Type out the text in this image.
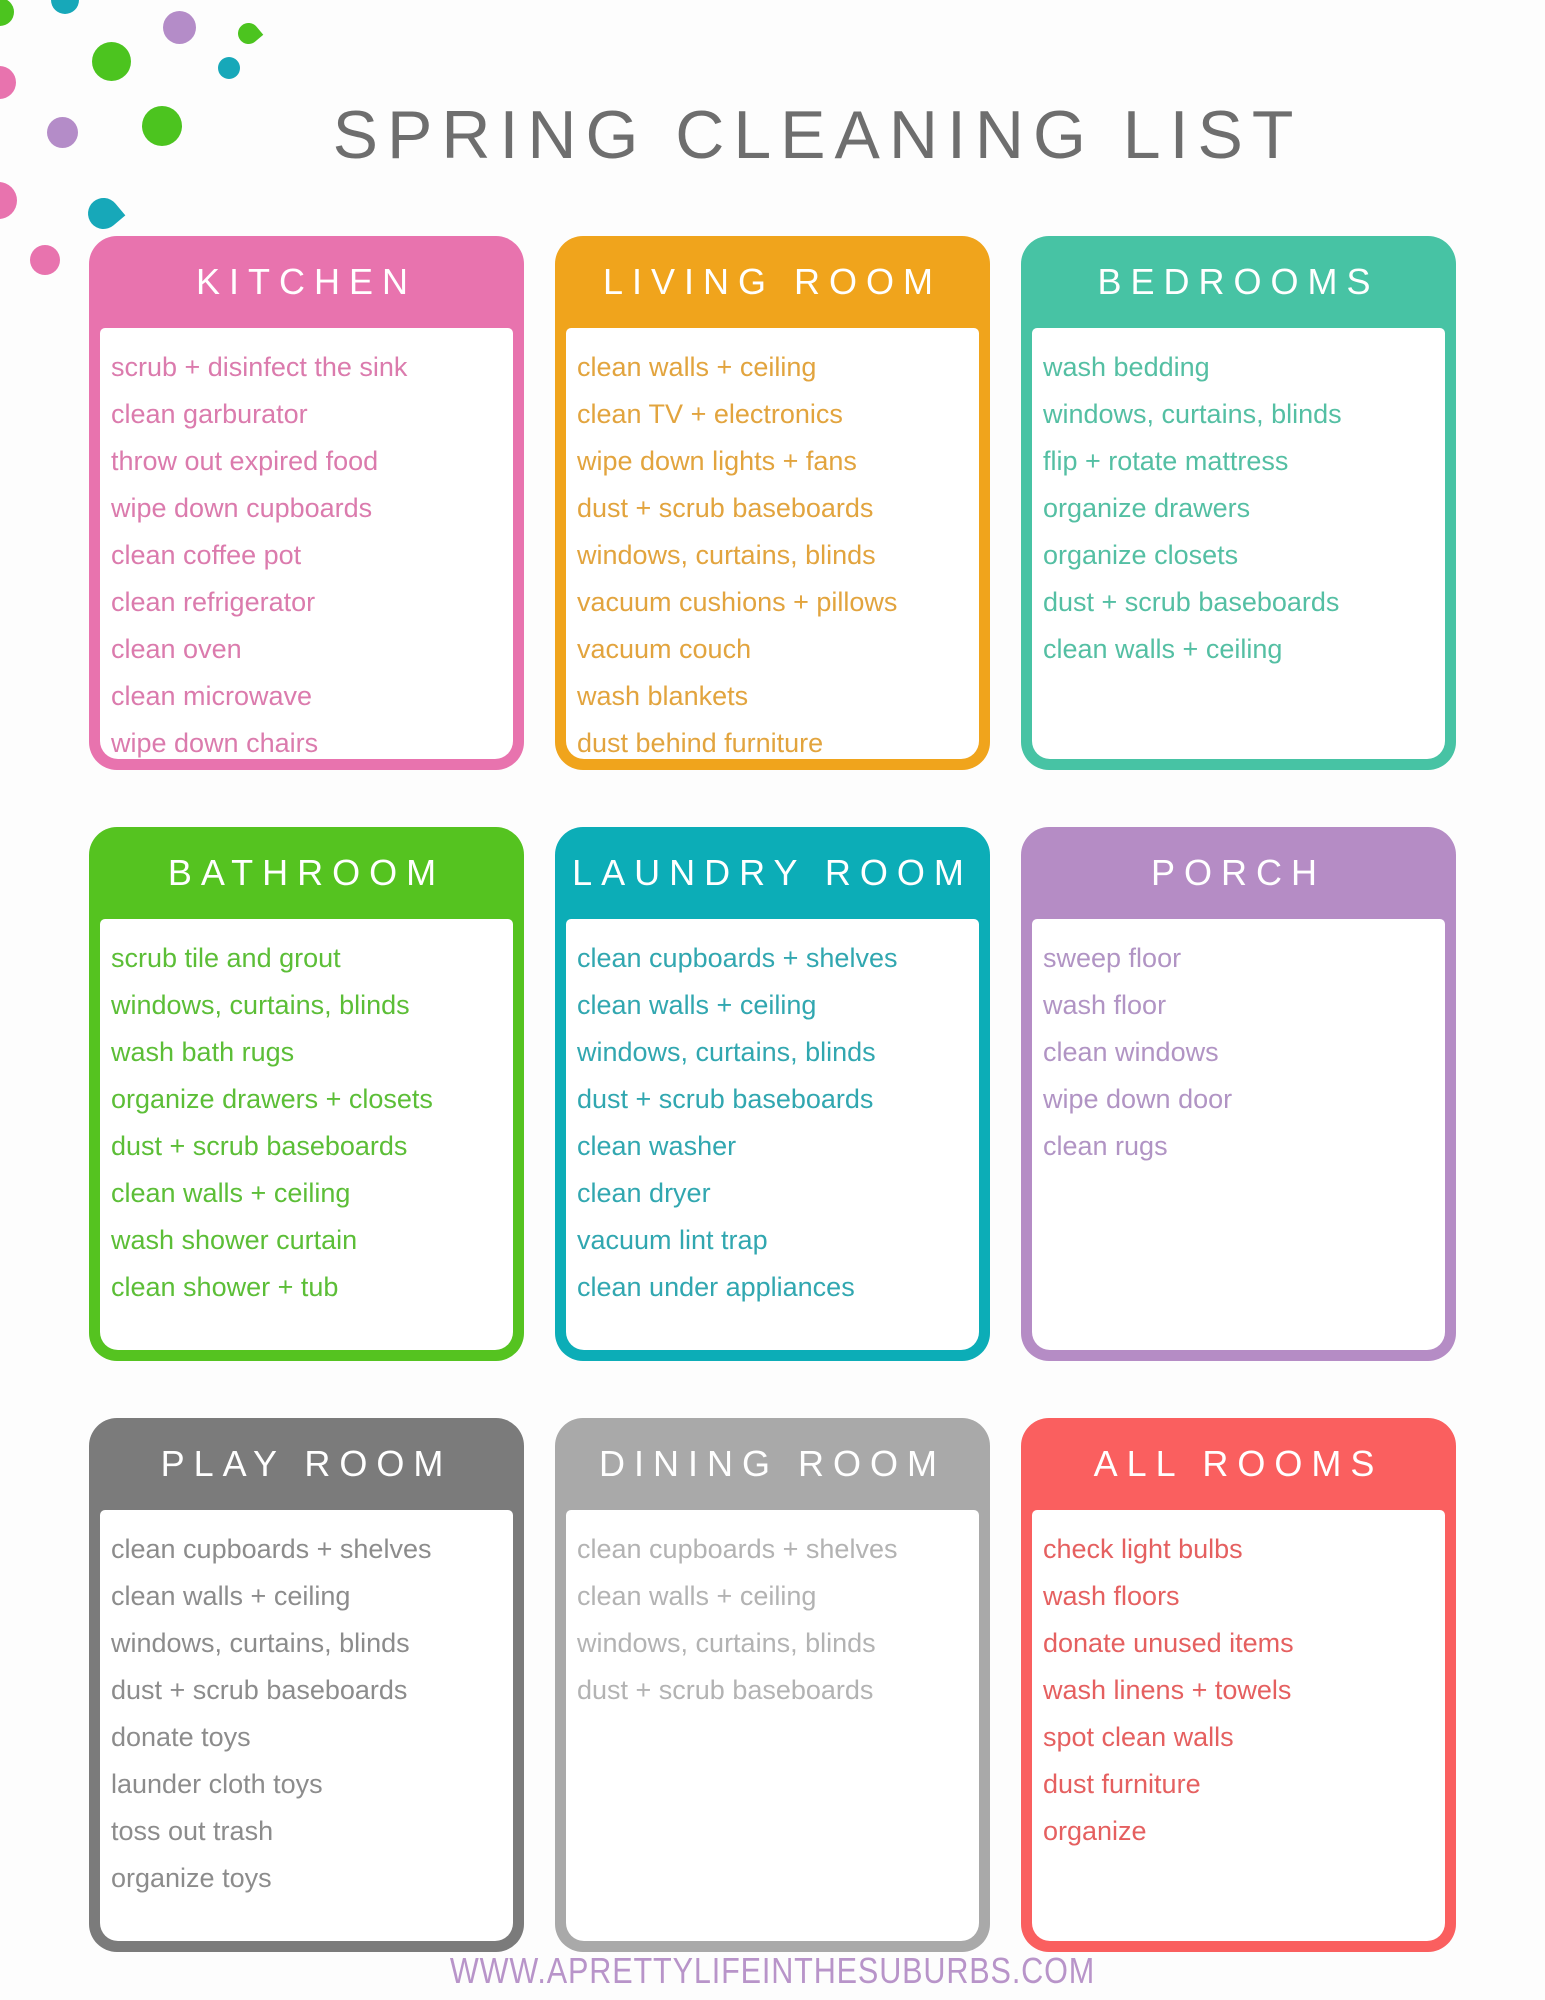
SPRING CLEANING LIST
KITCHEN
scrub + disinfect the sink
clean garburator
throw out expired food
wipe down cupboards
clean coffee pot
clean refrigerator
clean oven
clean microwave
wipe down chairs
LIVING ROOM
clean walls + ceiling
clean TV + electronics
wipe down lights + fans
dust + scrub baseboards
windows, curtains, blinds
vacuum cushions + pillows
vacuum couch
wash blankets
dust behind furniture
BEDROOMS
wash bedding
windows, curtains, blinds
flip + rotate mattress
organize drawers
organize closets
dust + scrub baseboards
clean walls + ceiling
BATHROOM
scrub tile and grout
windows, curtains, blinds
wash bath rugs
organize drawers + closets
dust + scrub baseboards
clean walls + ceiling
wash shower curtain
clean shower + tub
LAUNDRY ROOM
clean cupboards + shelves
clean walls + ceiling
windows, curtains, blinds
dust + scrub baseboards
clean washer
clean dryer
vacuum lint trap
clean under appliances
PORCH
sweep floor
wash floor
clean windows
wipe down door
clean rugs
PLAY ROOM
clean cupboards + shelves
clean walls + ceiling
windows, curtains, blinds
dust + scrub baseboards
donate toys
launder cloth toys
toss out trash
organize toys
DINING ROOM
clean cupboards + shelves
clean walls + ceiling
windows, curtains, blinds
dust + scrub baseboards
ALL ROOMS
check light bulbs
wash floors
donate unused items
wash linens + towels
spot clean walls
dust furniture
organize
WWW.APRETTYLIFEINTHESUBURBS.COM
